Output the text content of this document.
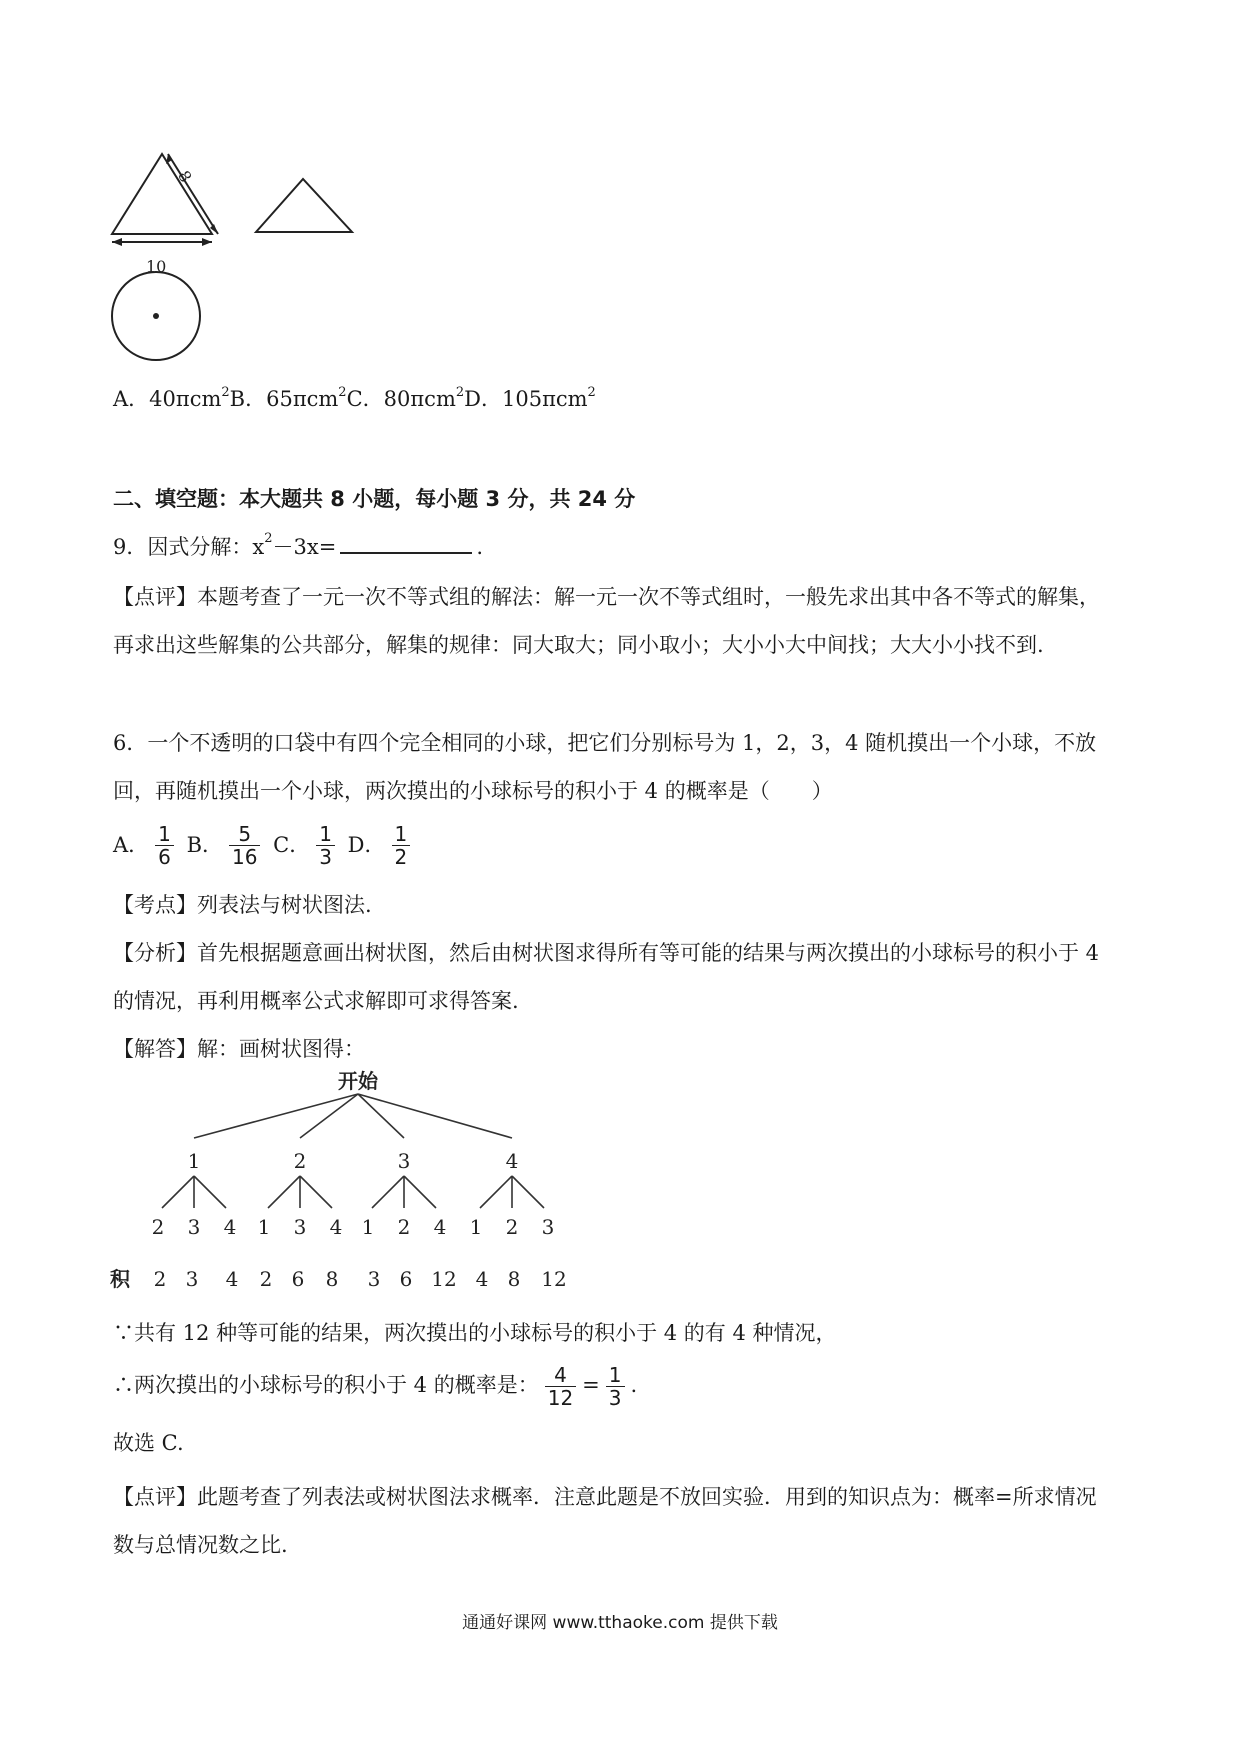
8
10
A．40πcm$^2$B．65πcm$^2$C．80πcm$^2$D．105πcm$^2$
二、填空题：本大题共 8 小题，每小题 3 分，共 24 分
9．因式分解：$x^2-3x=$	.
【点评】本题考查了一元一次不等式组的解法：解一元一次不等式组时，一般先求出其中各不等式的解集，
再求出这些解集的公共部分，解集的规律：同大取大；同小取小；大小小大中间找；大大小小找不到.
6．一个不透明的口袋中有四个完全相同的小球，把它们分别标号为 1，2，3，4 随机摸出一个小球，不放
回，再随机摸出一个小球，两次摸出的小球标号的积小于 4 的概率是（　　）
A． $\frac{1}{6}$
B． $\frac{5}{16}$
C． $\frac{1}{3}$
D． $\frac{1}{2}$
【考点】列表法与树状图法.
【分析】首先根据题意画出树状图，然后由树状图求得所有等可能的结果与两次摸出的小球标号的积小于 4
的情况，再利用概率公式求解即可求得答案.
【解答】解：画树状图得：
开始
1	2	3	4
2 3 4 1 3 4 1 2 4 1 2 3
积 2 3 4 2 6 8 3 6 12 4 8 12
∵共有 12 种等可能的结果，两次摸出的小球标号的积小于 4 的有 4 种情况，
∴两次摸出的小球标号的积小于 4 的概率是： $\frac{4}{12} = \frac{1}{3}$ .
故选 C.
【点评】此题考查了列表法或树状图法求概率．注意此题是不放回实验．用到的知识点为：概率=所求情况
数与总情况数之比.
通通好课网 www.tthaoke.com 提供下载
